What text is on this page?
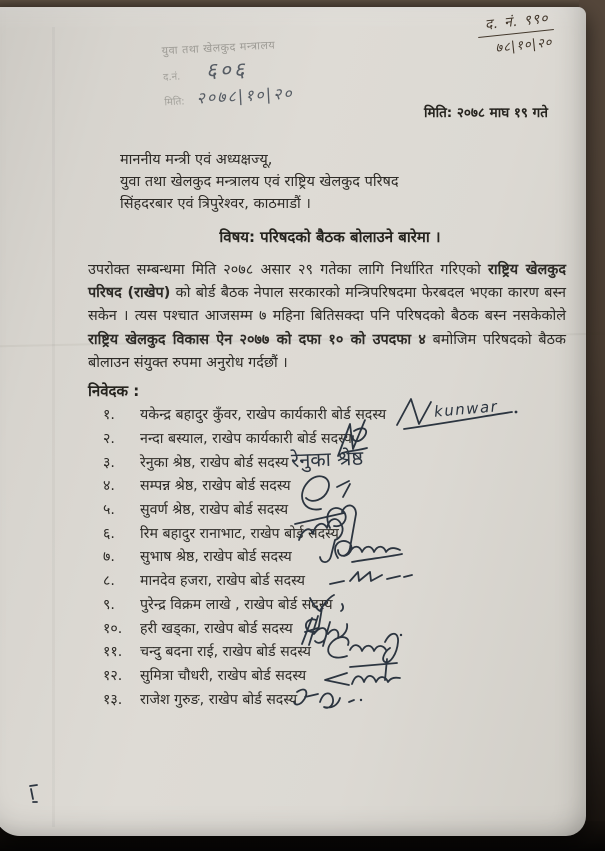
युवा तथा खेलकुद मन्त्रालय
द.नं. ६०६
मिति: २०७८|१०|२०
द. नं. ९९०
७८|१०|२०
मिति: २०७८ माघ १९ गते
माननीय मन्त्री एवं अध्यक्षज्यू,
युवा तथा खेलकुद मन्त्रालय एवं राष्ट्रिय खेलकुद परिषद
सिंहदरबार एवं त्रिपुरेश्वर, काठमाडौं ।
विषय: परिषदको बैठक बोलाउने बारेमा ।
उपरोक्त सम्बन्धमा मिति २०७८ असार २९ गतेका लागि निर्धारित गरिएको राष्ट्रिय खेलकुद परिषद (राखेप) को बोर्ड बैठक नेपाल सरकारको मन्त्रिपरिषदमा फेरबदल भएका कारण बस्न सकेन । त्यस पश्चात आजसम्म ७ महिना बितिसक्दा पनि परिषदको बैठक बस्न नसकेकोले राष्ट्रिय खेलकुद विकास ऐन २०७७ को दफा १० को उपदफा ४ बमोजिम परिषदको बैठक बोलाउन संयुक्त रुपमा अनुरोध गर्दछौं ।
निवेदक :
१.	यकेन्द्र बहादुर कुँवर, राखेप कार्यकारी बोर्ड सदस्य
२.	नन्दा बस्याल, राखेप कार्यकारी बोर्ड सदस्य
३.	रेनुका श्रेष्ठ, राखेप बोर्ड सदस्य
४.	सम्पन्न श्रेष्ठ, राखेप बोर्ड सदस्य
५.	सुवर्ण श्रेष्ठ, राखेप बोर्ड सदस्य
६.	रिम बहादुर रानाभाट, राखेप बोर्ड सदस्य
७.	सुभाष श्रेष्ठ, राखेप बोर्ड सदस्य
८.	मानदेव हजरा, राखेप बोर्ड सदस्य
९.	पुरेन्द्र विक्रम लाखे , राखेप बोर्ड सदस्य
१०.	हरी खड्का, राखेप बोर्ड सदस्य
११.	चन्दु बदना राई, राखेप बोर्ड सदस्य
१२.	सुमित्रा चौधरी, राखेप बोर्ड सदस्य
१३.	राजेश गुरुङ, राखेप बोर्ड सदस्य
kunwar
रेनुका श्रेष्ठ
